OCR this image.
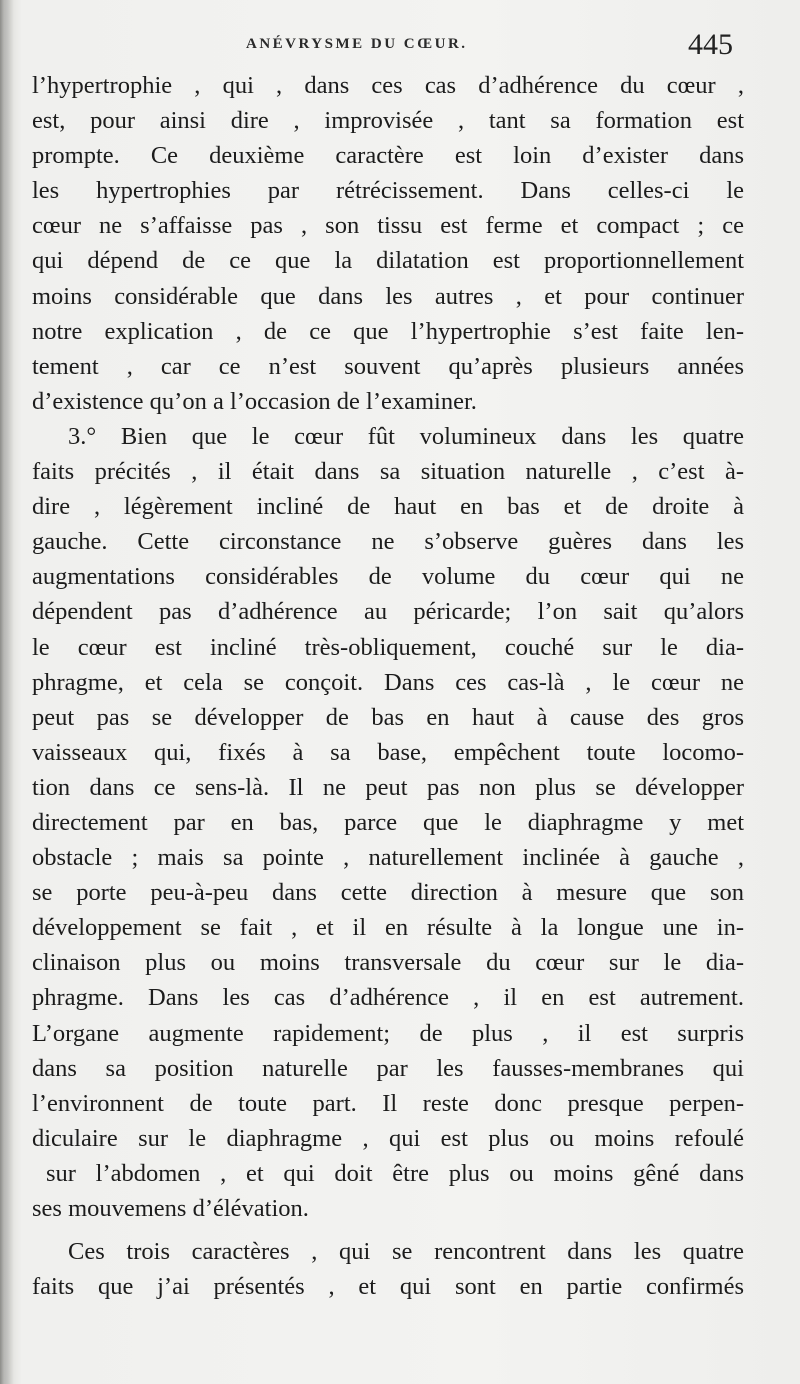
ANÉVRYSME DU CŒUR.	445
l’hypertrophie , qui , dans ces cas d’adhérence du cœur ,
est, pour ainsi dire , improvisée , tant sa formation est
prompte. Ce deuxième caractère est loin d’exister dans
les hypertrophies par rétrécissement. Dans celles-ci le
cœur ne s’affaisse pas , son tissu est ferme et compact ; ce
qui dépend de ce que la dilatation est proportionnellement
moins considérable que dans les autres , et pour continuer
notre explication , de ce que l’hypertrophie s’est faite len-
tement , car ce n’est souvent qu’après plusieurs années
d’existence qu’on a l’occasion de l’examiner.
3.° Bien que le cœur fût volumineux dans les quatre
faits précités , il était dans sa situation naturelle , c’est à-
dire , légèrement incliné de haut en bas et de droite à
gauche. Cette circonstance ne s’observe guères dans les
augmentations considérables de volume du cœur qui ne
dépendent pas d’adhérence au péricarde; l’on sait qu’alors
le cœur est incliné très-obliquement, couché sur le dia-
phragme, et cela se conçoit. Dans ces cas-là , le cœur ne
peut pas se développer de bas en haut à cause des gros
vaisseaux qui, fixés à sa base, empêchent toute locomo-
tion dans ce sens-là. Il ne peut pas non plus se développer
directement par en bas, parce que le diaphragme y met
obstacle ; mais sa pointe , naturellement inclinée à gauche ,
se porte peu-à-peu dans cette direction à mesure que son
développement se fait , et il en résulte à la longue une in-
clinaison plus ou moins transversale du cœur sur le dia-
phragme. Dans les cas d’adhérence , il en est autrement.
L’organe augmente rapidement; de plus , il est surpris
dans sa position naturelle par les fausses-membranes qui
l’environnent de toute part. Il reste donc presque perpen-
diculaire sur le diaphragme , qui est plus ou moins refoulé
sur l’abdomen , et qui doit être plus ou moins gêné dans
ses mouvemens d’élévation.
Ces trois caractères , qui se rencontrent dans les quatre
faits que j’ai présentés , et qui sont en partie confirmés
